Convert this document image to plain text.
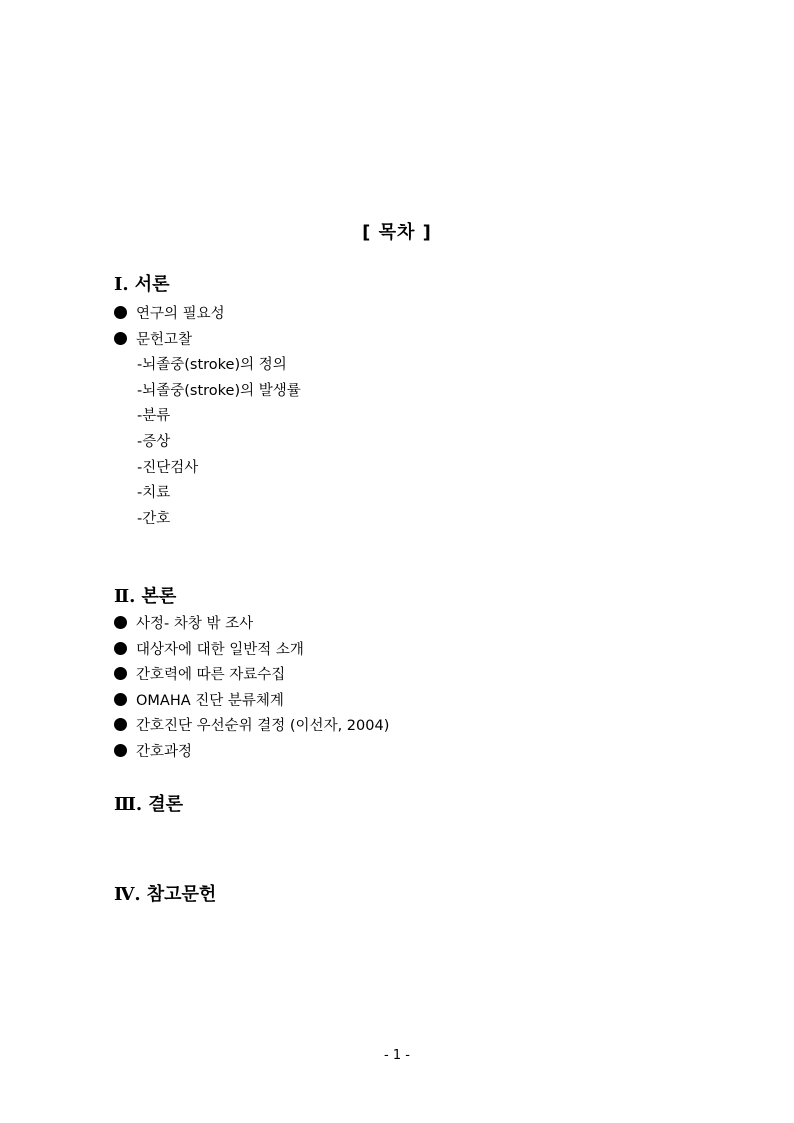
[ 목차 ]
Ⅰ. 서론
연구의 필요성
문헌고찰
-뇌졸중(stroke)의 정의
-뇌졸중(stroke)의 발생률
-분류
-증상
-진단검사
-치료
-간호
Ⅱ. 본론
사정- 차창 밖 조사
대상자에 대한 일반적 소개
간호력에 따른 자료수집
OMAHA 진단 분류체계
간호진단 우선순위 결정 (이선자, 2004)
간호과정
Ⅲ. 결론
Ⅳ. 참고문헌
- 1 -
